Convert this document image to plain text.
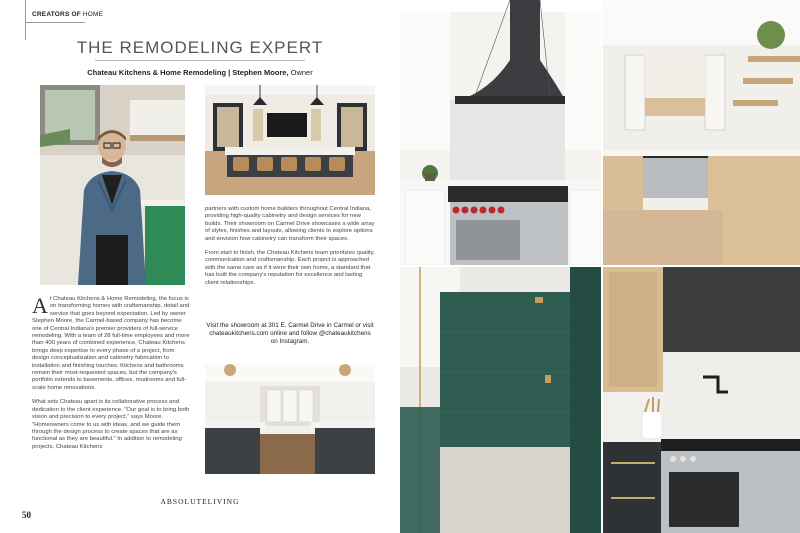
CREATORS OF HOME
THE REMODELING EXPERT
Chateau Kitchens & Home Remodeling | Stephen Moore, Owner

At Chateau Kitchens & Home Remodeling, the focus is on transforming homes with craftsmanship, detail and service that goes beyond expectation. Led by owner Stephen Moore, the Carmel-based company has become one of Central Indiana's premier providers of full-service remodeling. With a team of 28 full-time employees and more than 400 years of combined experience, Chateau Kitchens brings deep expertise to every phase of a project, from design conceptualization and cabinetry fabrication to installation and finishing touches. Kitchens and bathrooms remain their most-requested spaces, but the company's portfolio extends to basements, offices, mudrooms and full-scale home renovations.

What sets Chateau apart is its collaborative process and dedication to the client experience. "Our goal is to bring both vision and precision to every project," says Moore. "Homeowners come to us with ideas, and we guide them through the design process to create spaces that are as functional as they are beautiful." In addition to remodeling projects, Chateau Kitchens

partners with custom home builders throughout Central Indiana, providing high-quality cabinetry and design services for new builds. Their showroom on Carmel Drive showcases a wide array of styles, finishes and layouts, allowing clients to explore options and envision how cabinetry can transform their spaces.

From start to finish, the Chateau Kitchens team prioritizes quality, communication and craftsmanship. Each project is approached with the same care as if it were their own home, a standard that has built the company's reputation for excellence and lasting client relationships.

Visit the showroom at 301 E. Carmel Drive in Carmel or visit chateaukitchens.com online and follow @chateaukitchens on Instagram.
ABSOLUTELIVING
50
